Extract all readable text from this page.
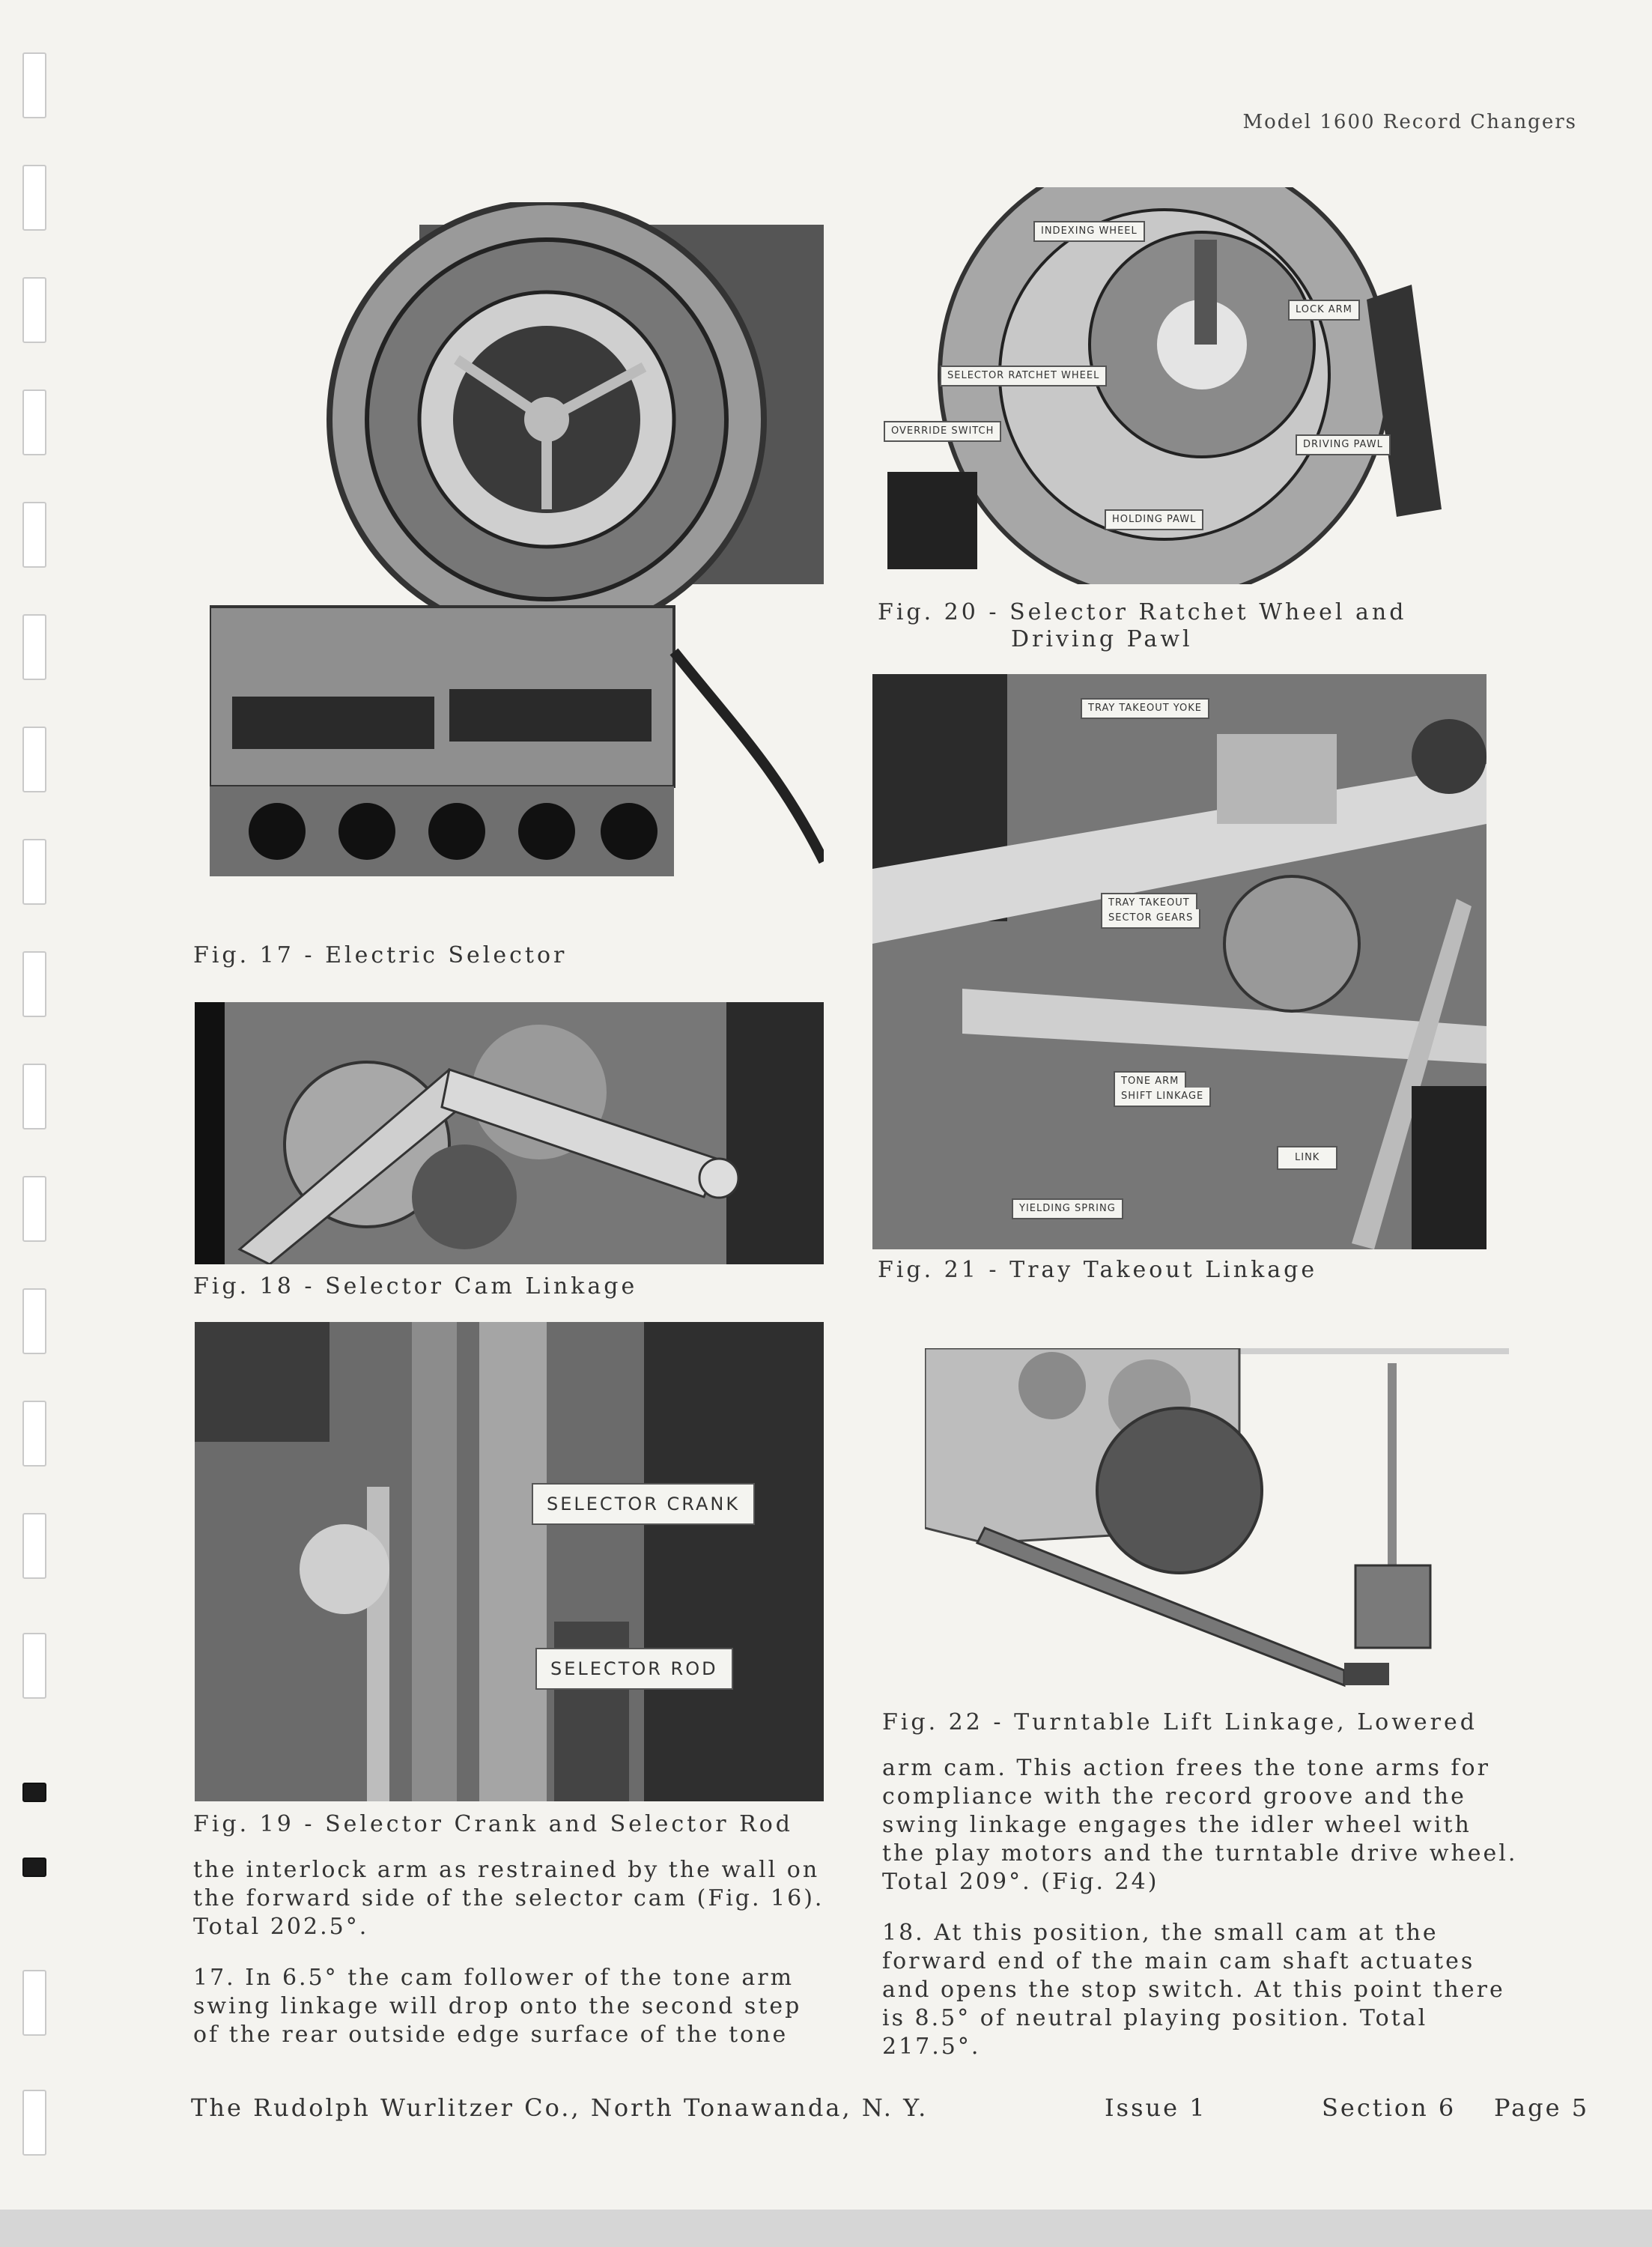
Model 1600 Record Changers
Fig. 17 - Electric Selector
Fig. 18 - Selector Cam Linkage
SELECTOR CRANK
SELECTOR ROD
Fig. 19 - Selector Crank and Selector Rod

the interlock arm as restrained by the wall on the forward side of the selector cam (Fig. 16). Total 202.5°.

17. In 6.5° the cam follower of the tone arm swing linkage will drop onto the second step of the rear outside edge surface of the tone

INDEXING WHEEL
LOCK ARM
SELECTOR RATCHET WHEEL
OVERRIDE SWITCH
DRIVING PAWL
HOLDING PAWL
Fig. 20 - Selector Ratchet Wheel and
Driving Pawl
TRAY TAKEOUT YOKE
TRAY TAKEOUT
SECTOR GEARS
TONE ARM
SHIFT LINKAGE
LINK
YIELDING SPRING
Fig. 21 - Tray Takeout Linkage
Fig. 22 - Turntable Lift Linkage, Lowered

arm cam. This action frees the tone arms for compliance with the record groove and the swing linkage engages the idler wheel with the play motors and the turntable drive wheel. Total 209°. (Fig. 24)

18. At this position, the small cam at the forward end of the main cam shaft actuates and opens the stop switch. At this point there is 8.5° of neutral playing position. Total 217.5°.

The Rudolph Wurlitzer Co., North Tonawanda, N. Y.	Issue 1	Section 6 Page 5
